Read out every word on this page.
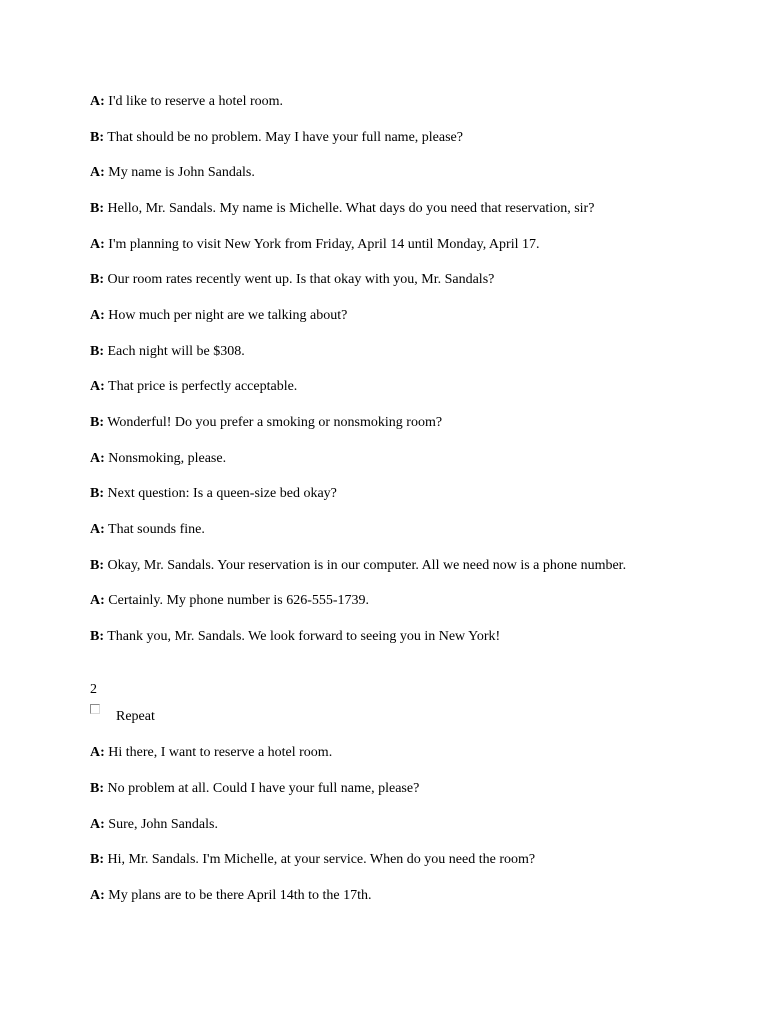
A: I'd like to reserve a hotel room.
B: That should be no problem. May I have your full name, please?
A: My name is John Sandals.
B: Hello, Mr. Sandals. My name is Michelle. What days do you need that reservation, sir?
A: I'm planning to visit New York from Friday, April 14 until Monday, April 17.
B: Our room rates recently went up. Is that okay with you, Mr. Sandals?
A: How much per night are we talking about?
B: Each night will be $308.
A: That price is perfectly acceptable.
B: Wonderful! Do you prefer a smoking or nonsmoking room?
A: Nonsmoking, please.
B: Next question: Is a queen-size bed okay?
A: That sounds fine.
B: Okay, Mr. Sandals. Your reservation is in our computer. All we need now is a phone number.
A: Certainly. My phone number is 626-555-1739.
B: Thank you, Mr. Sandals. We look forward to seeing you in New York!
2
Repeat
A: Hi there, I want to reserve a hotel room.
B: No problem at all. Could I have your full name, please?
A: Sure, John Sandals.
B: Hi, Mr. Sandals. I'm Michelle, at your service. When do you need the room?
A: My plans are to be there April 14th to the 17th.
